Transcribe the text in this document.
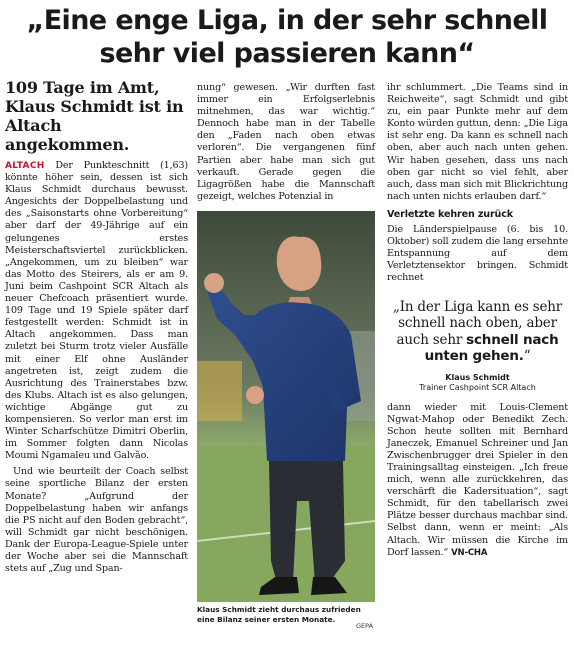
„Eine enge Liga, in der sehr schnell
sehr viel passieren kann“
109 Tage im Amt, Klaus Schmidt ist in Altach angekommen.

ALTACH Der Punkteschnitt (1,63) könnte höher sein, dessen ist sich Klaus Schmidt durchaus bewusst. Angesichts der Doppelbelastung und des „Saisonstarts ohne Vorbereitung“ aber darf der 49-Jährige auf ein gelungenes erstes Meisterschaftsviertel zurückblicken. „Angekommen, um zu bleiben“ war das Motto des Steirers, als er am 9. Juni beim Cashpoint SCR Altach als neuer Chefcoach präsentiert wurde. 109 Tage und 19 Spiele später darf festgestellt werden: Schmidt ist in Altach angekommen. Dass man zuletzt bei Sturm trotz vieler Ausfälle mit einer Elf ohne Ausländer angetreten ist, zeigt zudem die Ausrichtung des Trainerstabes bzw. des Klubs. Altach ist es also gelungen, wichtige Abgänge gut zu kompensieren. So verlor man erst im Winter Scharfschütze Dimitri Oberlin, im Sommer folgten dann Nicolas Moumi Ngamaleu und Galvão.

Und wie beurteilt der Coach selbst seine sportliche Bilanz der ersten Monate? „Aufgrund der Doppelbelastung haben wir anfangs die PS nicht auf den Boden gebracht“, will Schmidt gar nicht beschönigen. Dank der Europa-League-Spiele unter der Woche aber sei die Mannschaft stets auf „Zug und Span-

nung“ gewesen. „Wir durften fast immer ein Erfolgserlebnis mitnehmen, das war wichtig.“ Dennoch habe man in der Tabelle den „Faden nach oben etwas verloren“. Die vergangenen fünf Partien aber habe man sich gut verkauft. Gerade gegen die Ligagrößen habe die Mannschaft gezeigt, welches Potenzial in

Klaus Schmidt zieht durchaus zufrieden eine Bilanz seiner ersten Monate.
GEPA

ihr schlummert. „Die Teams sind in Reichweite“, sagt Schmidt und gibt zu, ein paar Punkte mehr auf dem Konto würden guttun, denn: „Die Liga ist sehr eng. Da kann es schnell nach oben, aber auch nach unten gehen. Wir haben gesehen, dass uns nach oben gar nicht so viel fehlt, aber auch, dass man sich mit Blickrichtung nach unten nichts erlauben darf.“

Verletzte kehren zurück

Die Länderspielpause (6. bis 10. Oktober) soll zudem die lang ersehnte Entspannung auf dem Verletztensektor bringen. Schmidt rechnet

„In der Liga kann es sehr schnell nach oben, aber auch sehr schnell nach unten gehen.“
Klaus Schmidt
Trainer Cashpoint SCR Altach

dann wieder mit Louis-Clement Ngwat-Mahop oder Benedikt Zech. Schon heute sollten mit Bernhard Janeczek, Emanuel Schreiner und Jan Zwischenbrugger drei Spieler in den Trainingsalltag einsteigen. „Ich freue mich, wenn alle zurückkehren, das verschärft die Kadersituation“, sagt Schmidt, für den tabellarisch zwei Plätze besser durchaus machbar sind. Selbst dann, wenn er meint: „Als Altach. Wir müssen die Kirche im Dorf lassen.“ VN-CHA
